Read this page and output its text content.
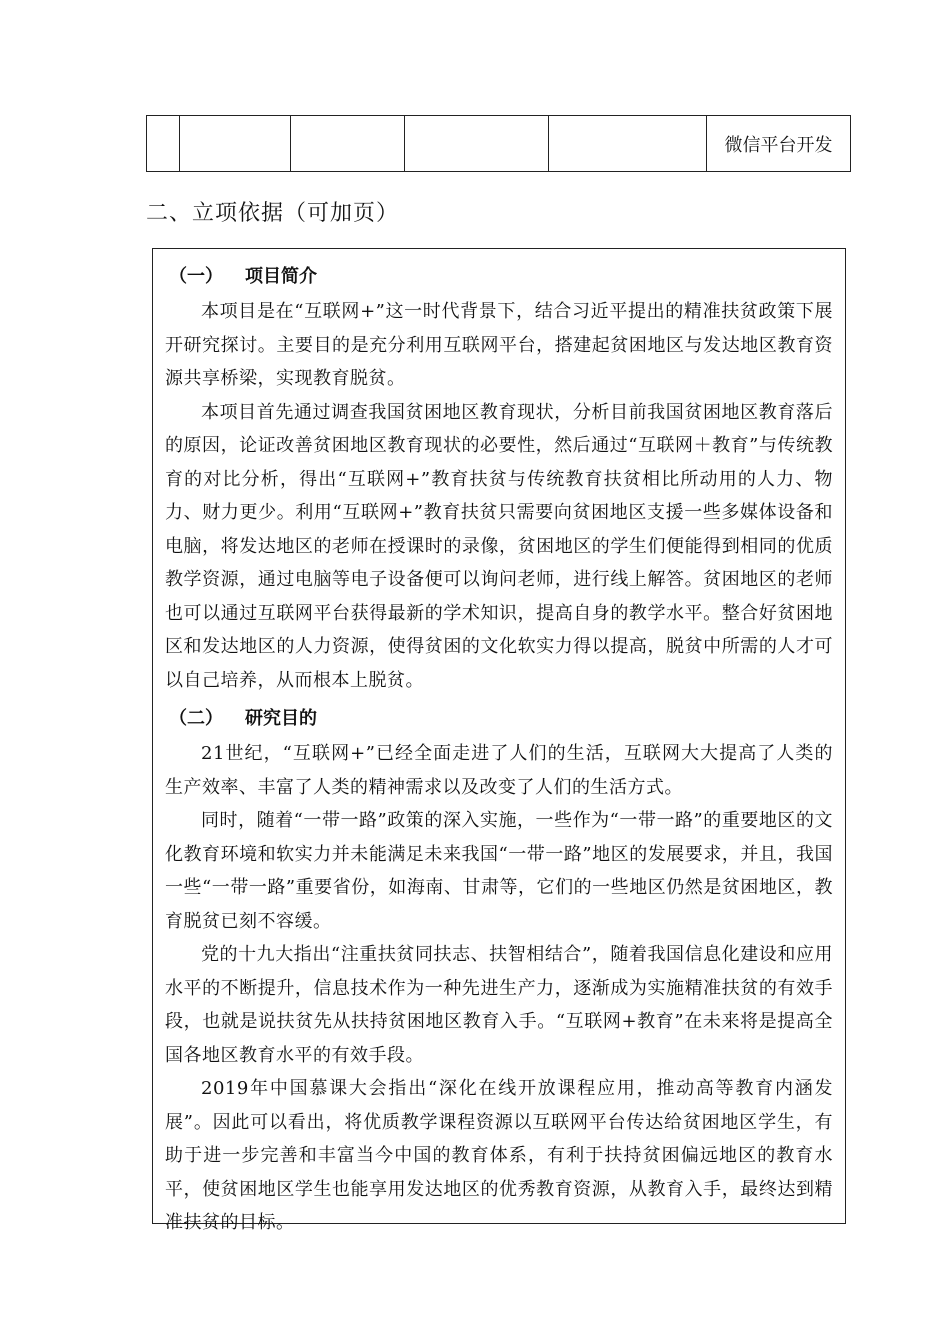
					微信平台开发
二、立项依据（可加页）
（一） 项目简介

本项目是在“互联网+”这一时代背景下，结合习近平提出的精准扶贫政策下展开研究探讨。主要目的是充分利用互联网平台，搭建起贫困地区与发达地区教育资源共享桥梁，实现教育脱贫。

本项目首先通过调查我国贫困地区教育现状，分析目前我国贫困地区教育落后的原因，论证改善贫困地区教育现状的必要性，然后通过“互联网＋教育”与传统教育的对比分析，得出“互联网+”教育扶贫与传统教育扶贫相比所动用的人力、物力、财力更少。利用“互联网+”教育扶贫只需要向贫困地区支援一些多媒体设备和电脑，将发达地区的老师在授课时的录像，贫困地区的学生们便能得到相同的优质教学资源，通过电脑等电子设备便可以询问老师，进行线上解答。贫困地区的老师也可以通过互联网平台获得最新的学术知识，提高自身的教学水平。整合好贫困地区和发达地区的人力资源，使得贫困的文化软实力得以提高，脱贫中所需的人才可以自己培养，从而根本上脱贫。

（二） 研究目的

21世纪，“互联网+”已经全面走进了人们的生活，互联网大大提高了人类的生产效率、丰富了人类的精神需求以及改变了人们的生活方式。

同时，随着“一带一路”政策的深入实施，一些作为“一带一路”的重要地区的文化教育环境和软实力并未能满足未来我国“一带一路”地区的发展要求，并且，我国一些“一带一路”重要省份，如海南、甘肃等，它们的一些地区仍然是贫困地区，教育脱贫已刻不容缓。

党的十九大指出“注重扶贫同扶志、扶智相结合”，随着我国信息化建设和应用水平的不断提升，信息技术作为一种先进生产力，逐渐成为实施精准扶贫的有效手段，也就是说扶贫先从扶持贫困地区教育入手。“互联网+教育”在未来将是提高全国各地区教育水平的有效手段。

2019年中国慕课大会指出“深化在线开放课程应用，推动高等教育内涵发展”。因此可以看出，将优质教学课程资源以互联网平台传达给贫困地区学生，有助于进一步完善和丰富当今中国的教育体系，有利于扶持贫困偏远地区的教育水平，使贫困地区学生也能享用发达地区的优秀教育资源，从教育入手，最终达到精准扶贫的目标。
